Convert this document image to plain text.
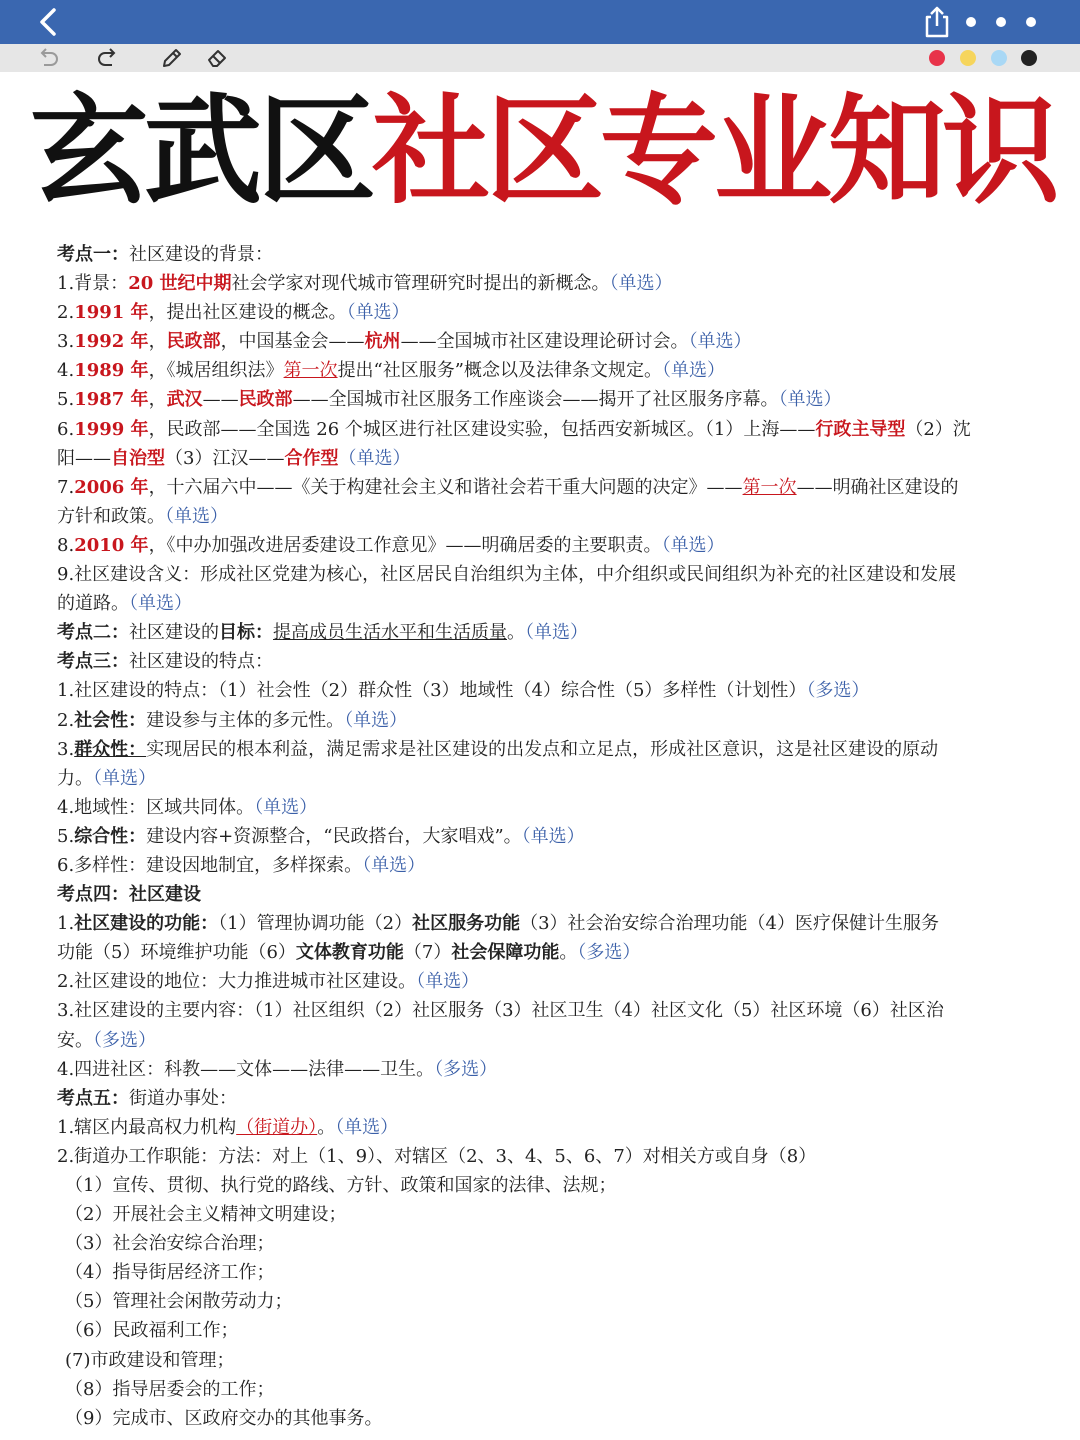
玄武区社区专业知识
考点一：社区建设的背景：
1.背景：20 世纪中期社会学家对现代城市管理研究时提出的新概念。（单选）
2.1991 年，提出社区建设的概念。（单选）
3.1992 年，民政部，中国基金会——杭州——全国城市社区建设理论研讨会。（单选）
4.1989 年，《城居组织法》第一次提出“社区服务”概念以及法律条文规定。（单选）
5.1987 年，武汉——民政部——全国城市社区服务工作座谈会——揭开了社区服务序幕。（单选）
6.1999 年，民政部——全国选 26 个城区进行社区建设实验，包括西安新城区。（1）上海——行政主导型（2）沈
阳——自治型（3）江汉——合作型（单选）
7.2006 年，十六届六中——《关于构建社会主义和谐社会若干重大问题的决定》——第一次——明确社区建设的
方针和政策。（单选）
8.2010 年，《中办加强改进居委建设工作意见》——明确居委的主要职责。（单选）
9.社区建设含义：形成社区党建为核心，社区居民自治组织为主体，中介组织或民间组织为补充的社区建设和发展
的道路。（单选）
考点二：社区建设的目标：提高成员生活水平和生活质量。（单选）
考点三：社区建设的特点：
1.社区建设的特点：（1）社会性（2）群众性（3）地域性（4）综合性（5）多样性（计划性）（多选）
2.社会性：建设参与主体的多元性。（单选）
3.群众性：实现居民的根本利益，满足需求是社区建设的出发点和立足点，形成社区意识，这是社区建设的原动
力。（单选）
4.地域性：区域共同体。（单选）
5.综合性：建设内容+资源整合，“民政搭台，大家唱戏”。（单选）
6.多样性：建设因地制宜，多样探索。（单选）
考点四：社区建设
1.社区建设的功能：（1）管理协调功能（2）社区服务功能（3）社会治安综合治理功能（4）医疗保健计生服务
功能（5）环境维护功能（6）文体教育功能（7）社会保障功能。（多选）
2.社区建设的地位：大力推进城市社区建设。（单选）
3.社区建设的主要内容：（1）社区组织（2）社区服务（3）社区卫生（4）社区文化（5）社区环境（6）社区治
安。（多选）
4.四进社区：科教——文体——法律——卫生。（多选）
考点五：街道办事处：
1.辖区内最高权力机构（街道办）。（单选）
2.街道办工作职能：方法：对上（1、9）、对辖区（2、3、4、5、6、7）对相关方或自身（8）
（1）宣传、贯彻、执行党的路线、方针、政策和国家的法律、法规；
（2）开展社会主义精神文明建设；
（3）社会治安综合治理；
（4）指导街居经济工作；
（5）管理社会闲散劳动力；
（6）民政福利工作；
(7)市政建设和管理；
（8）指导居委会的工作；
（9）完成市、区政府交办的其他事务。
